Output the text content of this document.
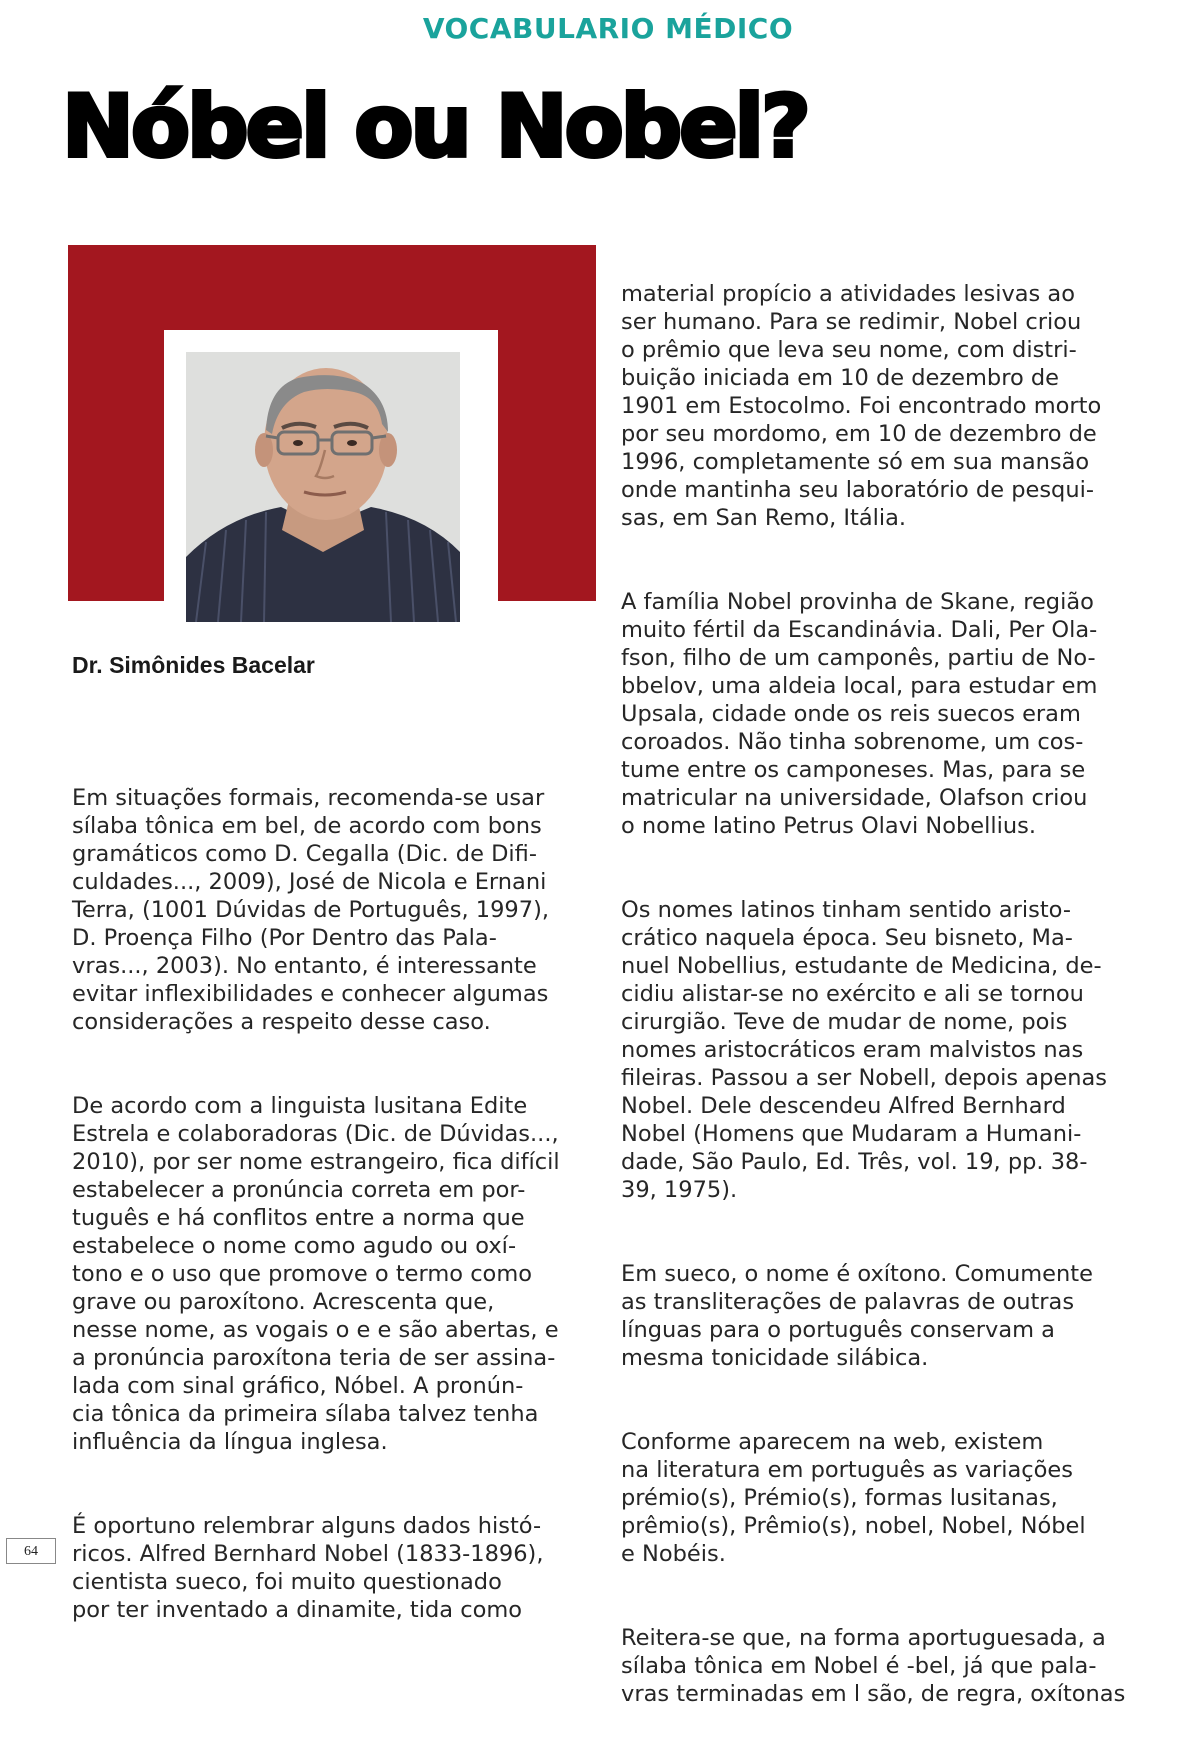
VOCABULARIO MÉDICO
Nóbel ou Nobel?
Dr. Simônides Bacelar

Em situações formais, recomenda-se usar
sílaba tônica em bel, de acordo com bons
gramáticos como D. Cegalla (Dic. de Difi-
culdades..., 2009), José de Nicola e Ernani
Terra, (1001 Dúvidas de Português, 1997),
D. Proença Filho (Por Dentro das Pala-
vras..., 2003). No entanto, é interessante
evitar inflexibilidades e conhecer algumas
considerações a respeito desse caso.

De acordo com a linguista lusitana Edite
Estrela e colaboradoras (Dic. de Dúvidas...,
2010), por ser nome estrangeiro, fica difícil
estabelecer a pronúncia correta em por-
tuguês e há conflitos entre a norma que
estabelece o nome como agudo ou oxí-
tono e o uso que promove o termo como
grave ou paroxítono. Acrescenta que,
nesse nome, as vogais o e e são abertas, e
a pronúncia paroxítona teria de ser assina-
lada com sinal gráfico, Nóbel. A pronún-
cia tônica da primeira sílaba talvez tenha
influência da língua inglesa.

É oportuno relembrar alguns dados histó-
ricos. Alfred Bernhard Nobel (1833-1896),
cientista sueco, foi muito questionado
por ter inventado a dinamite, tida como

material propício a atividades lesivas ao
ser humano. Para se redimir, Nobel criou
o prêmio que leva seu nome, com distri-
buição iniciada em 10 de dezembro de
1901 em Estocolmo. Foi encontrado morto
por seu mordomo, em 10 de dezembro de
1996, completamente só em sua mansão
onde mantinha seu laboratório de pesqui-
sas, em San Remo, Itália.

A família Nobel provinha de Skane, região
muito fértil da Escandinávia. Dali, Per Ola-
fson, filho de um camponês, partiu de No-
bbelov, uma aldeia local, para estudar em
Upsala, cidade onde os reis suecos eram
coroados. Não tinha sobrenome, um cos-
tume entre os camponeses. Mas, para se
matricular na universidade, Olafson criou
o nome latino Petrus Olavi Nobellius.

Os nomes latinos tinham sentido aristo-
crático naquela época. Seu bisneto, Ma-
nuel Nobellius, estudante de Medicina, de-
cidiu alistar-se no exército e ali se tornou
cirurgião. Teve de mudar de nome, pois
nomes aristocráticos eram malvistos nas
fileiras. Passou a ser Nobell, depois apenas
Nobel. Dele descendeu Alfred Bernhard
Nobel (Homens que Mudaram a Humani-
dade, São Paulo, Ed. Três, vol. 19, pp. 38-
39, 1975).

Em sueco, o nome é oxítono. Comumente
as transliterações de palavras de outras
línguas para o português conservam a
mesma tonicidade silábica.

Conforme aparecem na web, existem
na literatura em português as variações
prémio(s), Prémio(s), formas lusitanas,
prêmio(s), Prêmio(s), nobel, Nobel, Nóbel
e Nobéis.

Reitera-se que, na forma aportuguesada, a
sílaba tônica em Nobel é -bel, já que pala-
vras terminadas em l são, de regra, oxítonas

64
